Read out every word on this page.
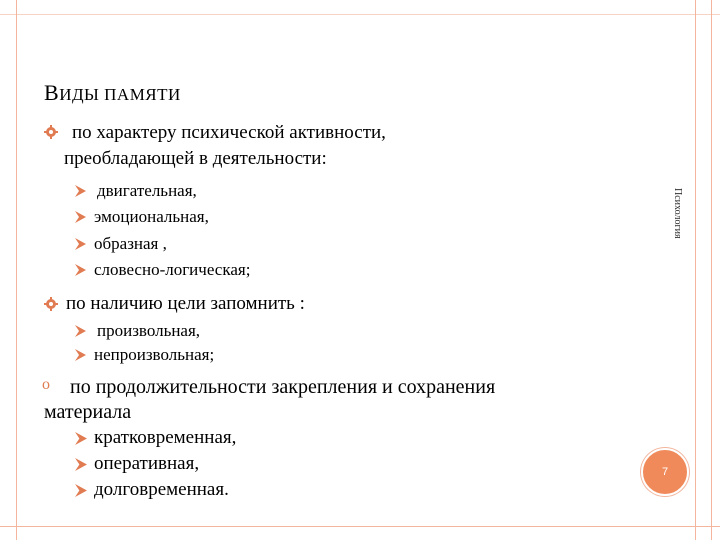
ВИДЫ ПАМЯТИ
по характеру психической активности,
преобладающей в деятельности:
двигательная,
эмоциональная,
образная ,
словесно-логическая;
по наличию цели запомнить :
произвольная,
непроизвольная;
o по продолжительности закрепления и сохранения
материала
кратковременная,
оперативная,
долговременная.
Психология
7
